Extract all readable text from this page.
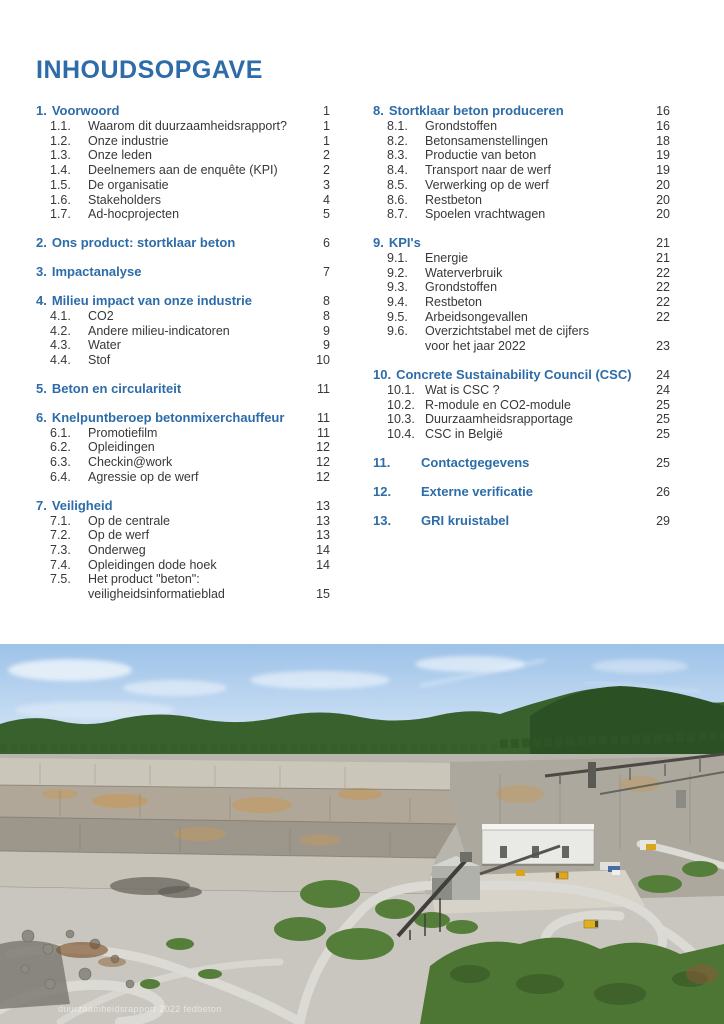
INHOUDSOPGAVE
1. Voorwoord	1
1.1.	Waarom dit duurzaamheidsrapport?	1
1.2.	Onze industrie	1
1.3.	Onze leden	2
1.4.	Deelnemers aan de enquête (KPI)	2
1.5.	De organisatie	3
1.6.	Stakeholders	4
1.7.	Ad-hocprojecten	5
2. Ons product: stortklaar beton	6
3. Impactanalyse	7
4. Milieu impact van onze industrie	8
4.1.	CO2	8
4.2.	Andere milieu-indicatoren	9
4.3.	Water	9
4.4.	Stof	10
5. Beton en circulariteit	11
6. Knelpuntberoep betonmixerchauffeur	11
6.1.	Promotiefilm	11
6.2.	Opleidingen	12
6.3.	Checkin@work	12
6.4.	Agressie op de werf	12
7. Veiligheid	13
7.1.	Op de centrale	13
7.2.	Op de werf	13
7.3.	Onderweg	14
7.4.	Opleidingen dode hoek	14
7.5.	Het product "beton":
veiligheidsinformatieblad	15
8. Stortklaar beton produceren	16
8.1.	Grondstoffen	16
8.2.	Betonsamenstellingen	18
8.3.	Productie van beton	19
8.4.	Transport naar de werf	19
8.5.	Verwerking op de werf	20
8.6.	Restbeton	20
8.7.	Spoelen vrachtwagen	20
9. KPI's	21
9.1.	Energie	21
9.2.	Waterverbruik	22
9.3.	Grondstoffen	22
9.4.	Restbeton	22
9.5.	Arbeidsongevallen	22
9.6.	Overzichtstabel met de cijfers
voor het jaar 2022	23
10. Concrete Sustainability Council (CSC)	24
10.1. Wat is CSC ?	24
10.2. R-module en CO2-module	25
10.3. Duurzaamheidsrapportage	25
10.4. CSC in België	25
11.	Contactgegevens	25
12.	Externe verificatie	26
13.	GRI kruistabel	29
duurzaamheidsrapport 2022 fedbeton
